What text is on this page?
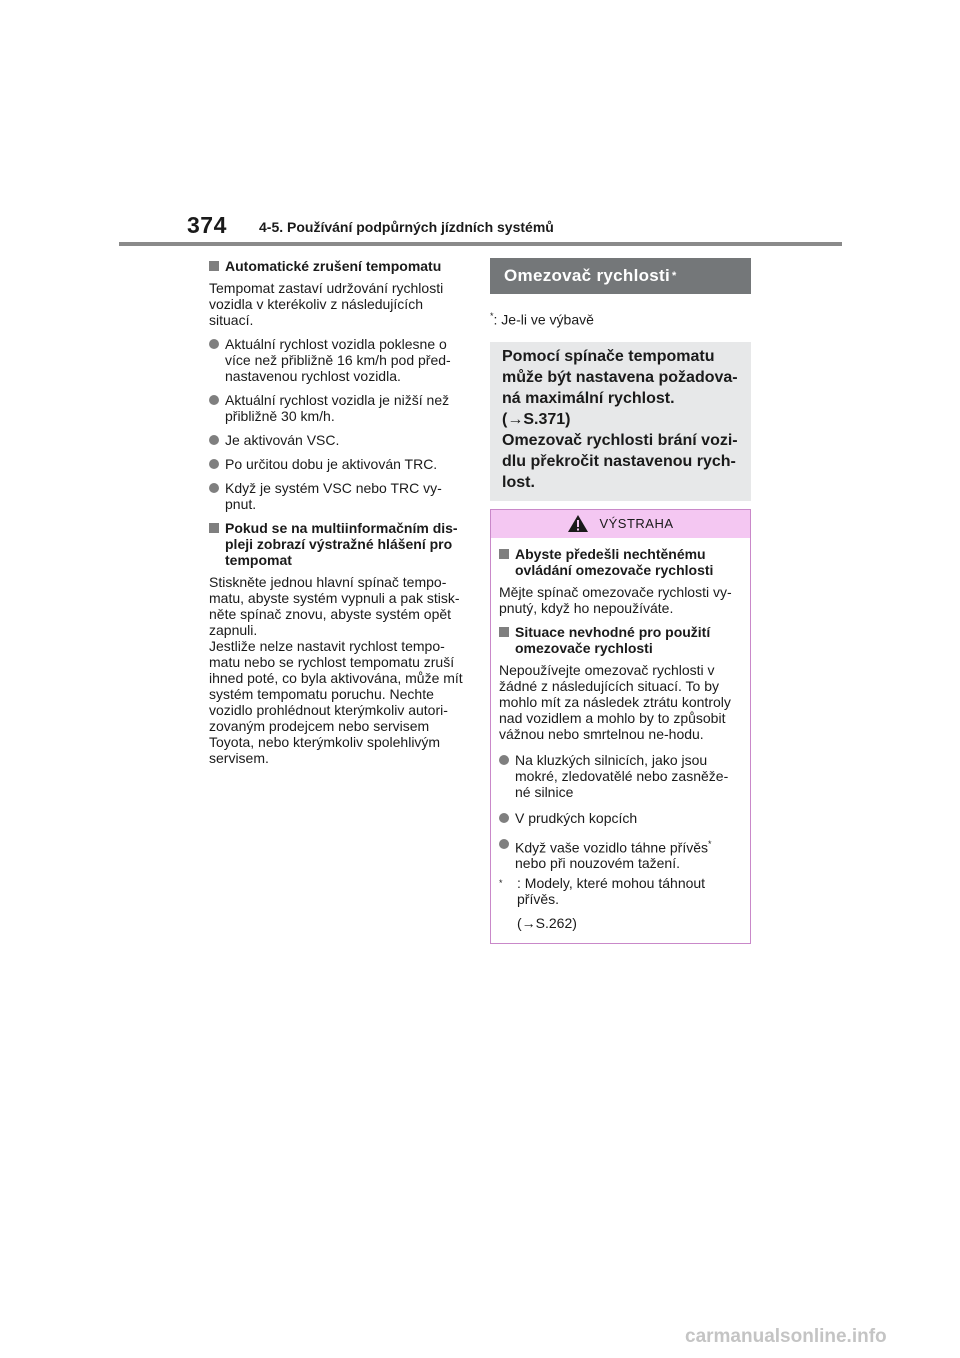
374 4-5. Používání podpůrných jízdních systémů
Automatické zrušení tempomatu
Tempomat zastaví udržování rychlosti vozidla v kterékoliv z následujících situací.
Aktuální rychlost vozidla poklesne o více než přibližně 16 km/h pod před-nastavenou rychlost vozidla.
Aktuální rychlost vozidla je nižší než přibližně 30 km/h.
Je aktivován VSC.
Po určitou dobu je aktivován TRC.
Když je systém VSC nebo TRC vy-pnut.
Pokud se na multiinformačním dis-pleji zobrazí výstražné hlášení pro tempomat
Stiskněte jednou hlavní spínač tempo-matu, abyste systém vypnuli a pak stisk-něte spínač znovu, abyste systém opět zapnuli.
Jestliže nelze nastavit rychlost tempo-matu nebo se rychlost tempomatu zruší ihned poté, co byla aktivována, může mít systém tempomatu poruchu. Nechte vozidlo prohlédnout kterýmkoliv autori-zovaným prodejcem nebo servisem Toyota, nebo kterýmkoliv spolehlivým servisem.
Omezovač rychlosti *
*: Je-li ve výbavě
Pomocí spínače tempomatu
může být nastavena požadova-
ná maximální rychlost.
(→S.371)
Omezovač rychlosti brání vozi-
dlu překročit nastavenou rych-
lost.
VÝSTRAHA
Abyste předešli nechtěnému ovládání omezovače rychlosti
Mějte spínač omezovače rychlosti vy-pnutý, když ho nepoužíváte.
Situace nevhodné pro použití omezovače rychlosti
Nepoužívejte omezovač rychlosti v žádné z následujících situací. To by mohlo mít za následek ztrátu kontroly nad vozidlem a mohlo by to způsobit vážnou nebo smrtelnou ne-hodu.
Na kluzkých silnicích, jako jsou mokré, zledovatělé nebo zasněže-né silnice
V prudkých kopcích
Když vaše vozidlo táhne přívěs*
nebo při nouzovém tažení.
* : Modely, které mohou táhnout přívěs.
(→S.262)
carmanualsonline.info
